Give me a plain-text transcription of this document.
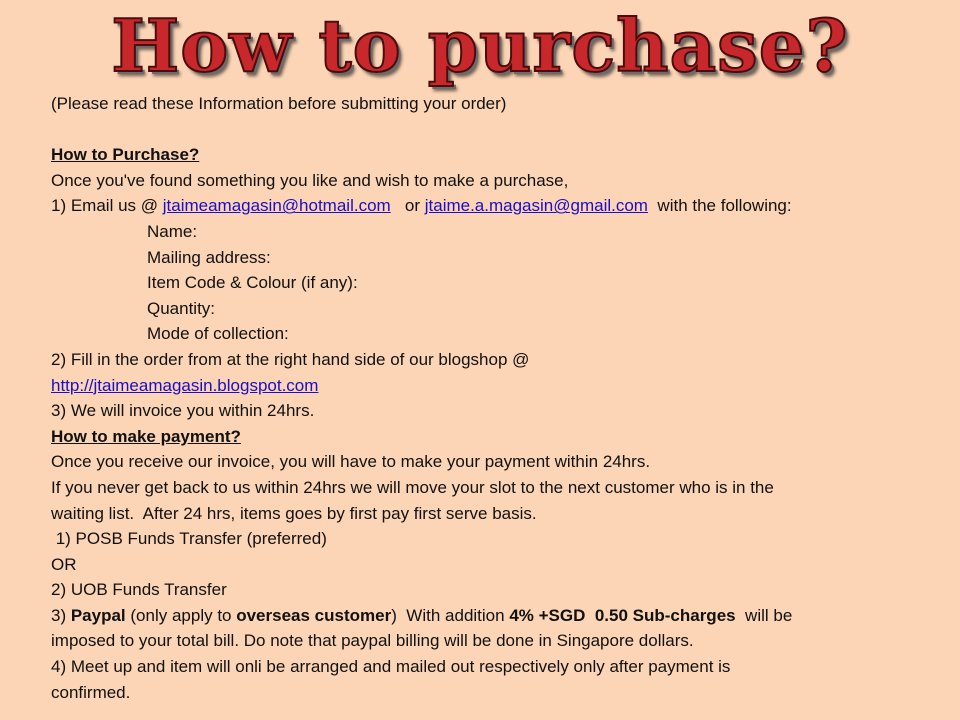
How to purchase?
(Please read these Information before submitting your order)
How to Purchase?
Once you've found something you like and wish to make a purchase,
1) Email us @ jtaimeamagasin@hotmail.com or jtaime.a.magasin@gmail.com with the following:
Name:
Mailing address:
Item Code & Colour (if any):
Quantity:
Mode of collection:
2) Fill in the order from at the right hand side of our blogshop @
http://jtaimeamagasin.blogspot.com
3) We will invoice you within 24hrs.
How to make payment?
Once you receive our invoice, you will have to make your payment within 24hrs.
If you never get back to us within 24hrs we will move your slot to the next customer who is in the
waiting list.  After 24 hrs, items goes by first pay first serve basis.
1) POSB Funds Transfer (preferred)
OR
2) UOB Funds Transfer
3) Paypal (only apply to overseas customer)  With addition 4% +SGD  0.50 Sub-charges  will be
imposed to your total bill. Do note that paypal billing will be done in Singapore dollars.
4) Meet up and item will onli be arranged and mailed out respectively only after payment is
confirmed.
